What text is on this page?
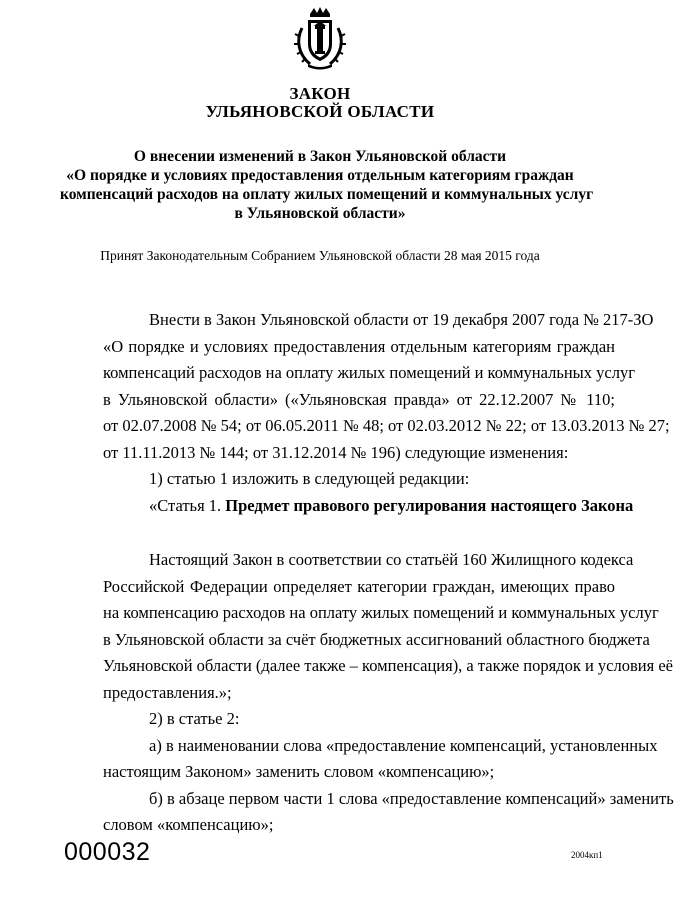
ЗАКОН
УЛЬЯНОВСКОЙ ОБЛАСТИ
О внесении изменений в Закон Ульяновской области
«О порядке и условиях предоставления отдельным категориям граждан
компенсаций расходов на оплату жилых помещений и коммунальных услуг
в Ульяновской области»
Принят Законодательным Собранием Ульяновской области 28 мая 2015 года
Внести в Закон Ульяновской области от 19 декабря 2007 года № 217-ЗО
«О порядке и условиях предоставления отдельным категориям граждан
компенсаций расходов на оплату жилых помещений и коммунальных услуг
в Ульяновской области» («Ульяновская правда» от 22.12.2007 № 110;
от 02.07.2008 № 54; от 06.05.2011 № 48; от 02.03.2012 № 22; от 13.03.2013 № 27;
от 11.11.2013 № 144; от 31.12.2014 № 196) следующие изменения:
1) статью 1 изложить в следующей редакции:
«Статья 1. Предмет правового регулирования настоящего Закона
Настоящий Закон в соответствии со статьёй 160 Жилищного кодекса
Российской Федерации определяет категории граждан, имеющих право
на компенсацию расходов на оплату жилых помещений и коммунальных услуг
в Ульяновской области за счёт бюджетных ассигнований областного бюджета
Ульяновской области (далее также – компенсация), а также порядок и условия её
предоставления.»;
2) в статье 2:
а) в наименовании слова «предоставление компенсаций, установленных
настоящим Законом» заменить словом «компенсацию»;
б) в абзаце первом части 1 слова «предоставление компенсаций» заменить
словом «компенсацию»;
000032	2004кп1
